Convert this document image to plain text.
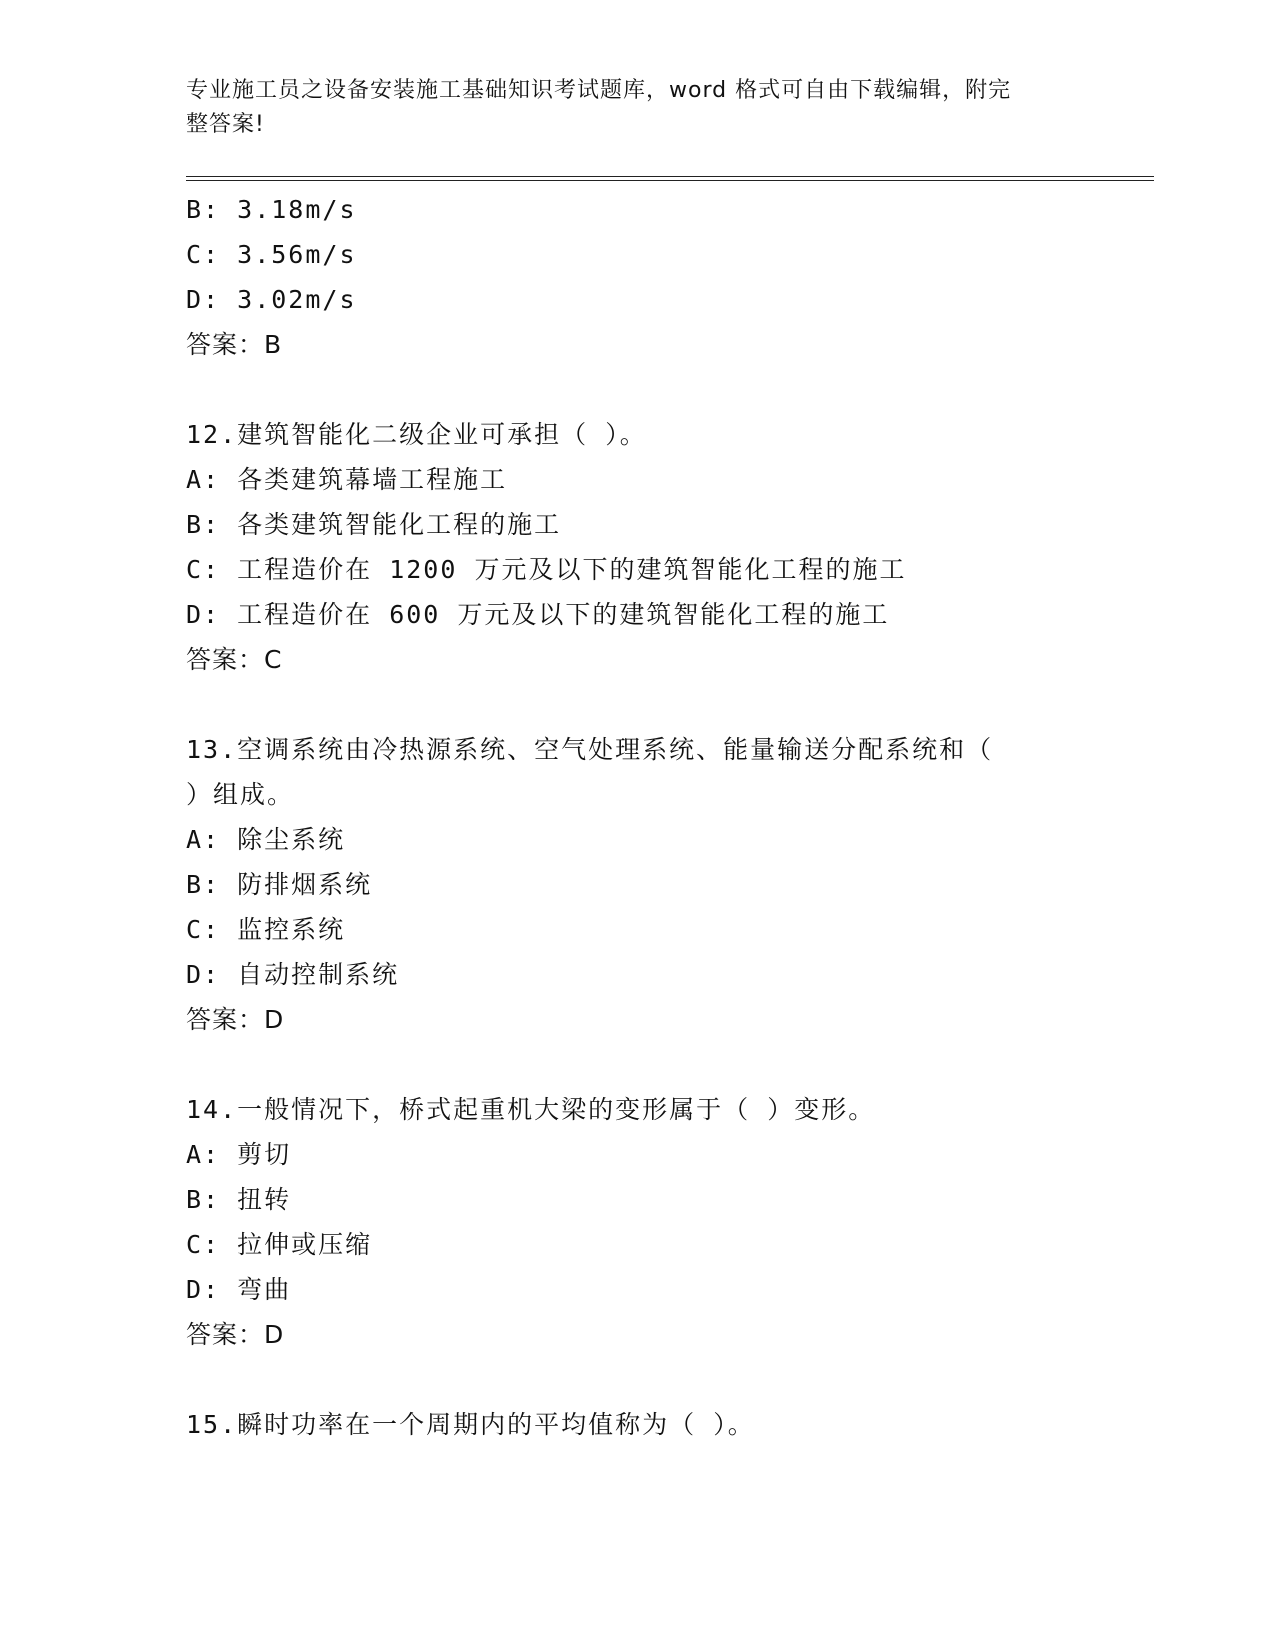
专业施工员之设备安装施工基础知识考试题库，word 格式可自由下载编辑，附完
整答案!
B: 3.18m/s
C: 3.56m/s
D: 3.02m/s
答案：B
12.建筑智能化二级企业可承担（ ）。
A: 各类建筑幕墙工程施工
B: 各类建筑智能化工程的施工
C: 工程造价在 1200 万元及以下的建筑智能化工程的施工
D: 工程造价在 600 万元及以下的建筑智能化工程的施工
答案：C
13.空调系统由冷热源系统、空气处理系统、能量输送分配系统和（
）组成。
A: 除尘系统
B: 防排烟系统
C: 监控系统
D: 自动控制系统
答案：D
14.一般情况下，桥式起重机大梁的变形属于（ ）变形。
A: 剪切
B: 扭转
C: 拉伸或压缩
D: 弯曲
答案：D
15.瞬时功率在一个周期内的平均值称为（ ）。
